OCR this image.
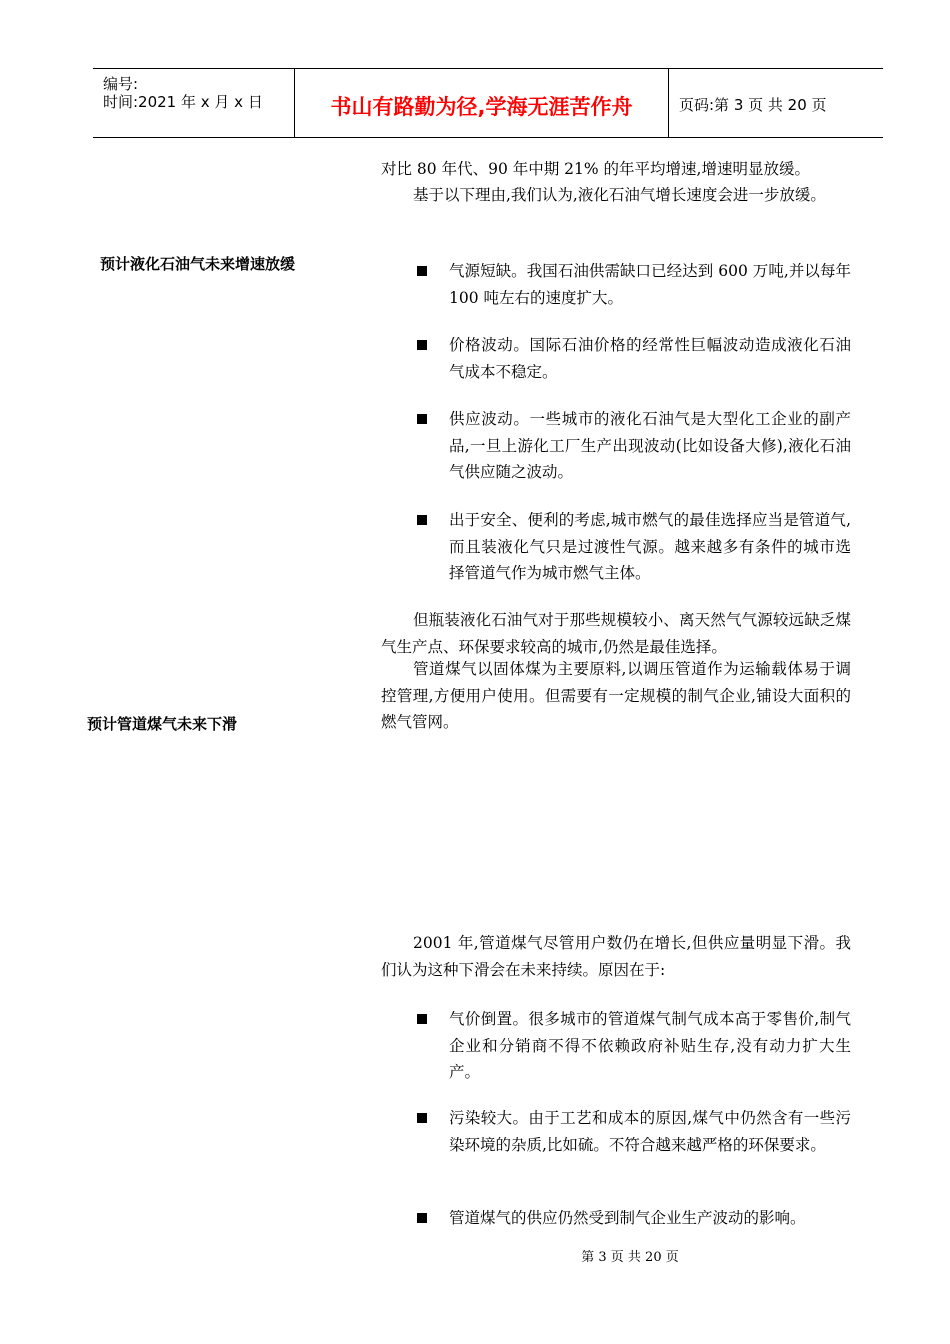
编号:
时间:2021 年 x 月 x 日	书山有路勤为径,学海无涯苦作舟	页码:第 3 页 共 20 页
预计液化石油气未来增速放缓
预计管道煤气未来下滑
对比 80 年代、90 年中期 21% 的年平均增速,增速明显放缓。
基于以下理由,我们认为,液化石油气增长速度会进一步放缓。
气源短缺。我国石油供需缺口已经达到 600 万吨,并以每年 100 吨左右的速度扩大。
价格波动。国际石油价格的经常性巨幅波动造成液化石油气成本不稳定。
供应波动。一些城市的液化石油气是大型化工企业的副产品,一旦上游化工厂生产出现波动(比如设备大修),液化石油气供应随之波动。
出于安全、便利的考虑,城市燃气的最佳选择应当是管道气,而且装液化气只是过渡性气源。越来越多有条件的城市选择管道气作为城市燃气主体。
但瓶装液化石油气对于那些规模较小、离天然气气源较远缺乏煤气生产点、环保要求较高的城市,仍然是最佳选择。
管道煤气以固体煤为主要原料,以调压管道作为运输载体易于调控管理,方便用户使用。但需要有一定规模的制气企业,铺设大面积的燃气管网。
2001 年,管道煤气尽管用户数仍在增长,但供应量明显下滑。我们认为这种下滑会在未来持续。原因在于:
气价倒置。很多城市的管道煤气制气成本高于零售价,制气企业和分销商不得不依赖政府补贴生存,没有动力扩大生产。
污染较大。由于工艺和成本的原因,煤气中仍然含有一些污染环境的杂质,比如硫。不符合越来越严格的环保要求。
管道煤气的供应仍然受到制气企业生产波动的影响。
第 3 页 共 20 页
